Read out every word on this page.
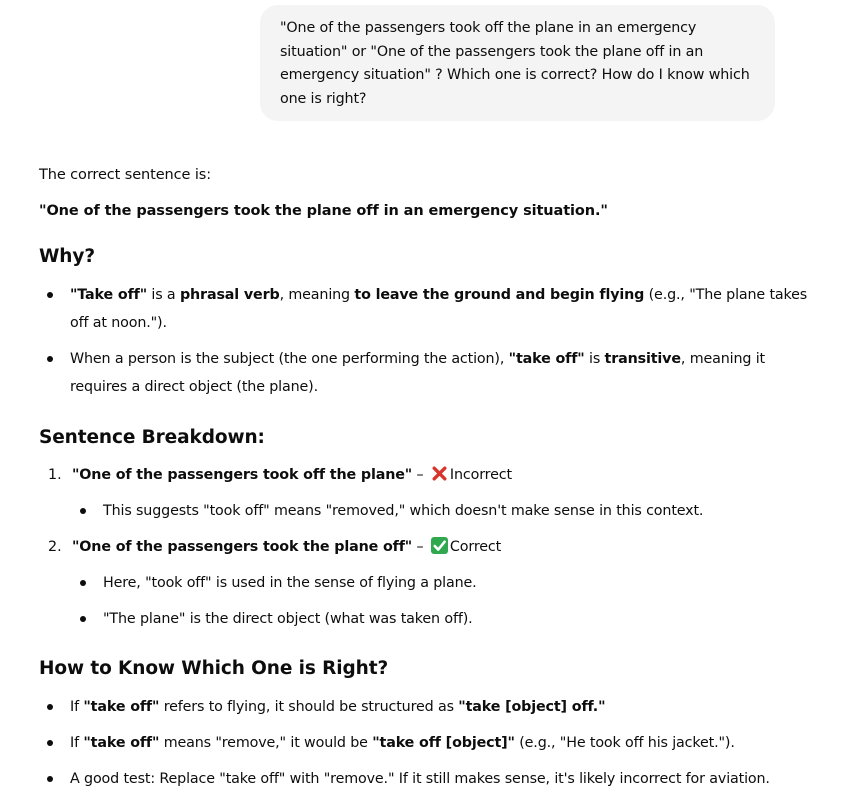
"One of the passengers took off the plane in an emergency
situation" or "One of the passengers took the plane off in an
emergency situation" ? Which one is correct? How do I know which
one is right?
The correct sentence is:
"One of the passengers took the plane off in an emergency situation."
Why?
"Take off" is a phrasal verb, meaning to leave the ground and begin flying (e.g., "The plane takes
off at noon.").
When a person is the subject (the one performing the action), "take off" is transitive, meaning it
requires a direct object (the plane).
Sentence Breakdown:
1. "One of the passengers took off the plane" – Incorrect
This suggests "took off" means "removed," which doesn't make sense in this context.
2. "One of the passengers took the plane off" –
Correct
Here, "took off" is used in the sense of flying a plane.
"The plane" is the direct object (what was taken off).
How to Know Which One is Right?
If "take off" refers to flying, it should be structured as "take [object] off."
If "take off" means "remove," it would be "take off [object]" (e.g., "He took off his jacket.").
A good test: Replace "take off" with "remove." If it still makes sense, it's likely incorrect for aviation.
